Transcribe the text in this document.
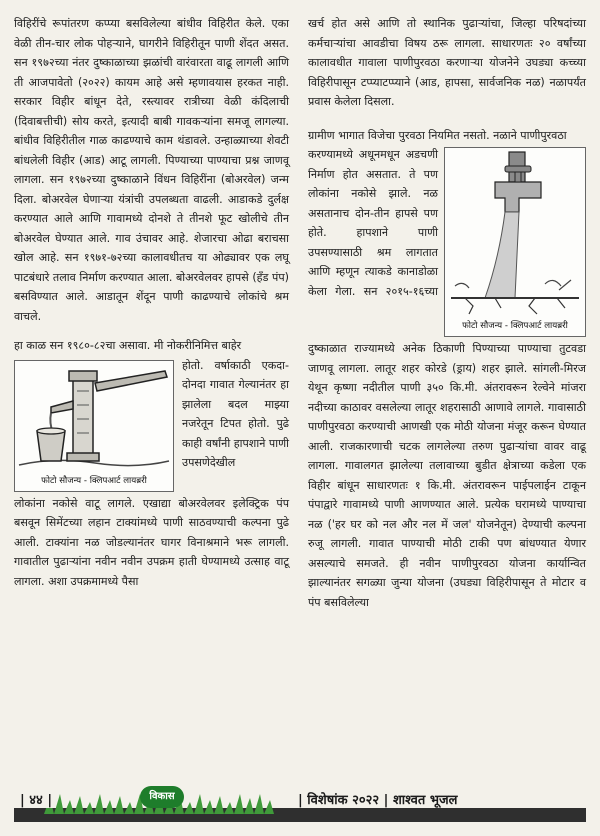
विहिरींचे रूपांतरण कप्प्या बसविलेल्या बांधीव विहिरीत केले. एका वेळी तीन-चार लोक पोहऱ्याने, घागरीने विहिरीतून पाणी शेंदत असत. सन १९७२च्या नंतर दुष्काळाच्या झळांची वारंवारता वाढू लागली आणि ती आजपावेतो (२०२२) कायम आहे असे म्हणावयास हरकत नाही. सरकार विहीर बांधून देते, रस्त्यावर रात्रीच्या वेळी कंदिलाची (दिवाबत्तीची) सोय करते, इत्यादी बाबी गावकऱ्यांना समजू लागल्या. बांधीव विहिरीतील गाळ काढण्याचे काम थंडावले. उन्हाळ्याच्या शेवटी बांधलेली विहीर (आड) आटू लागली. पिण्याच्या पाण्याचा प्रश्न जाणवू लागला. सन १९७२च्या दुष्काळाने विंधन विहिरींना (बोअरवेल) जन्म दिला. बोअरवेल घेणाऱ्या यंत्रांची उपलब्धता वाढली. आडाकडे दुर्लक्ष करण्यात आले आणि गावामध्ये दोनशे ते तीनशे फूट खोलीचे तीन बोअरवेल घेण्यात आले. गाव उंचावर आहे. शेजारचा ओढा बराचसा खोल आहे. सन १९७१-७२च्या कालावधीतच या ओढ्यावर एक लघू पाटबंधारे तलाव निर्माण करण्यात आला. बोअरवेलवर हापसे (हँड पंप) बसविण्यात आले. आडातून शेंदून पाणी काढण्याचे लोकांचे श्रम वाचले.

हा काळ सन १९८०-८२चा असावा. मी नोकरीनिमित्त बाहेर

फोटो सौजन्य - क्लिपआर्ट लायब्ररी

होतो. वर्षाकाठी एकदा-दोनदा गावात गेल्यानंतर हा झालेला बदल माझ्या नजरेतून टिपत होतो. पुढे काही वर्षांनी हापशाने पाणी उपसणेदेखील

लोकांना नकोसे वाटू लागले. एखाद्या बोअरवेलवर इलेक्ट्रिक पंप बसवून सिमेंटच्या लहान टाक्यांमध्ये पाणी साठवण्याची कल्पना पुढे आली. टाक्यांना नळ जोडल्यानंतर घागर विनाश्रमाने भरू लागली. गावातील पुढाऱ्यांना नवीन नवीन उपक्रम हाती घेण्यामध्ये उत्साह वाटू लागला. अशा उपक्रमामध्ये पैसा

खर्च होत असे आणि तो स्थानिक पुढाऱ्यांचा, जिल्हा परिषदांच्या कर्मचाऱ्यांचा आवडीचा विषय ठरू लागला. साधारणतः २० वर्षांच्या कालावधीत गावाला पाणीपुरवठा करणाऱ्या योजनेने उघड्या कच्च्या विहिरीपासून टप्प्याटप्प्याने (आड, हापसा, सार्वजनिक नळ) नळापर्यंत प्रवास केलेला दिसला.

ग्रामीण भागात विजेचा पुरवठा नियमित नसतो. नळाने पाणीपुरवठा

फोटो सौजन्य - क्लिपआर्ट लायब्ररी

करण्यामध्ये अधूनमधून अडचणी निर्माण होत असतात. ते पण लोकांना नकोसे झाले. नळ असतानाच दोन-तीन हापसे पण होते. हापशाने पाणी उपसण्यासाठी श्रम लागतात आणि म्हणून त्याकडे कानाडोळा केला गेला. सन २०१५-१६च्या

दुष्काळात राज्यामध्ये अनेक ठिकाणी पिण्याच्या पाण्याचा तुटवडा जाणवू लागला. लातूर शहर कोरडे (ड्राय) शहर झाले. सांगली-मिरज येथून कृष्णा नदीतील पाणी ३५० कि.मी. अंतरावरून रेल्वेने मांजरा नदीच्या काठावर वसलेल्या लातूर शहरासाठी आणावे लागले. गावासाठी पाणीपुरवठा करण्याची आणखी एक मोठी योजना मंजूर करून घेण्यात आली. राजकारणाची चटक लागलेल्या तरुण पुढाऱ्यांचा वावर वाढू लागला. गावालगत झालेल्या तलावाच्या बुडीत क्षेत्राच्या कडेला एक विहीर बांधून साधारणतः १ कि.मी. अंतरावरून पाईपलाईन टाकून पंपाद्वारे गावामध्ये पाणी आणण्यात आले. प्रत्येक घरामध्ये पाण्याचा नळ ('हर घर को नल और नल में जल' योजनेतून) देण्याची कल्पना रुजू लागली. गावात पाण्याची मोठी टाकी पण बांधण्यात येणार असल्याचे समजते. ही नवीन पाणीपुरवठा योजना कार्यान्वित झाल्यानंतर सगळ्या जुन्या योजना (उघड्या विहिरीपासून ते मोटार व पंप बसविलेल्या

विकास
| ४४ |	| विशेषांक २०२२ | शाश्वत भूजल
